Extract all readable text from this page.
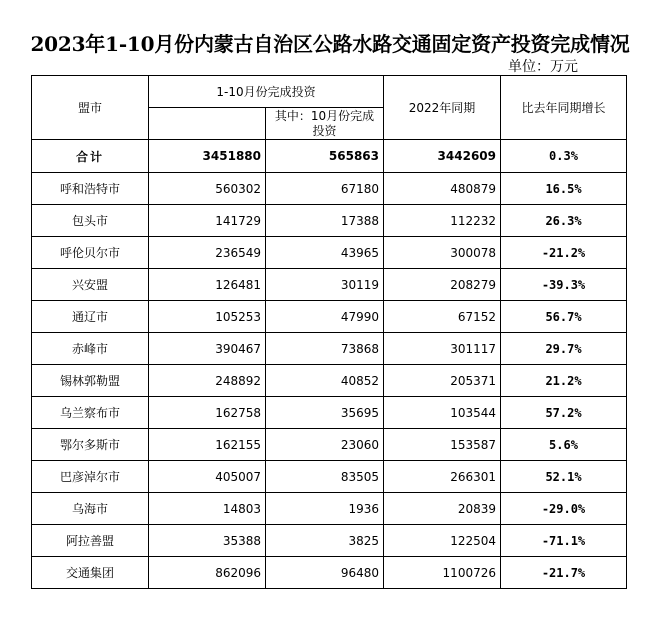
2023年1-10月份内蒙古自治区公路水路交通固定资产投资完成情况
单位：万元
盟市	1-10月份完成投资		2022年同期	比去年同期增长
		其中：10月份完成投资		
合计	3451880	565863	3442609	0.3%
呼和浩特市	560302	67180	480879	16.5%
包头市	141729	17388	112232	26.3%
呼伦贝尔市	236549	43965	300078	-21.2%
兴安盟	126481	30119	208279	-39.3%
通辽市	105253	47990	67152	56.7%
赤峰市	390467	73868	301117	29.7%
锡林郭勒盟	248892	40852	205371	21.2%
乌兰察布市	162758	35695	103544	57.2%
鄂尔多斯市	162155	23060	153587	5.6%
巴彦淖尔市	405007	83505	266301	52.1%
乌海市	14803	1936	20839	-29.0%
阿拉善盟	35388	3825	122504	-71.1%
交通集团	862096	96480	1100726	-21.7%
